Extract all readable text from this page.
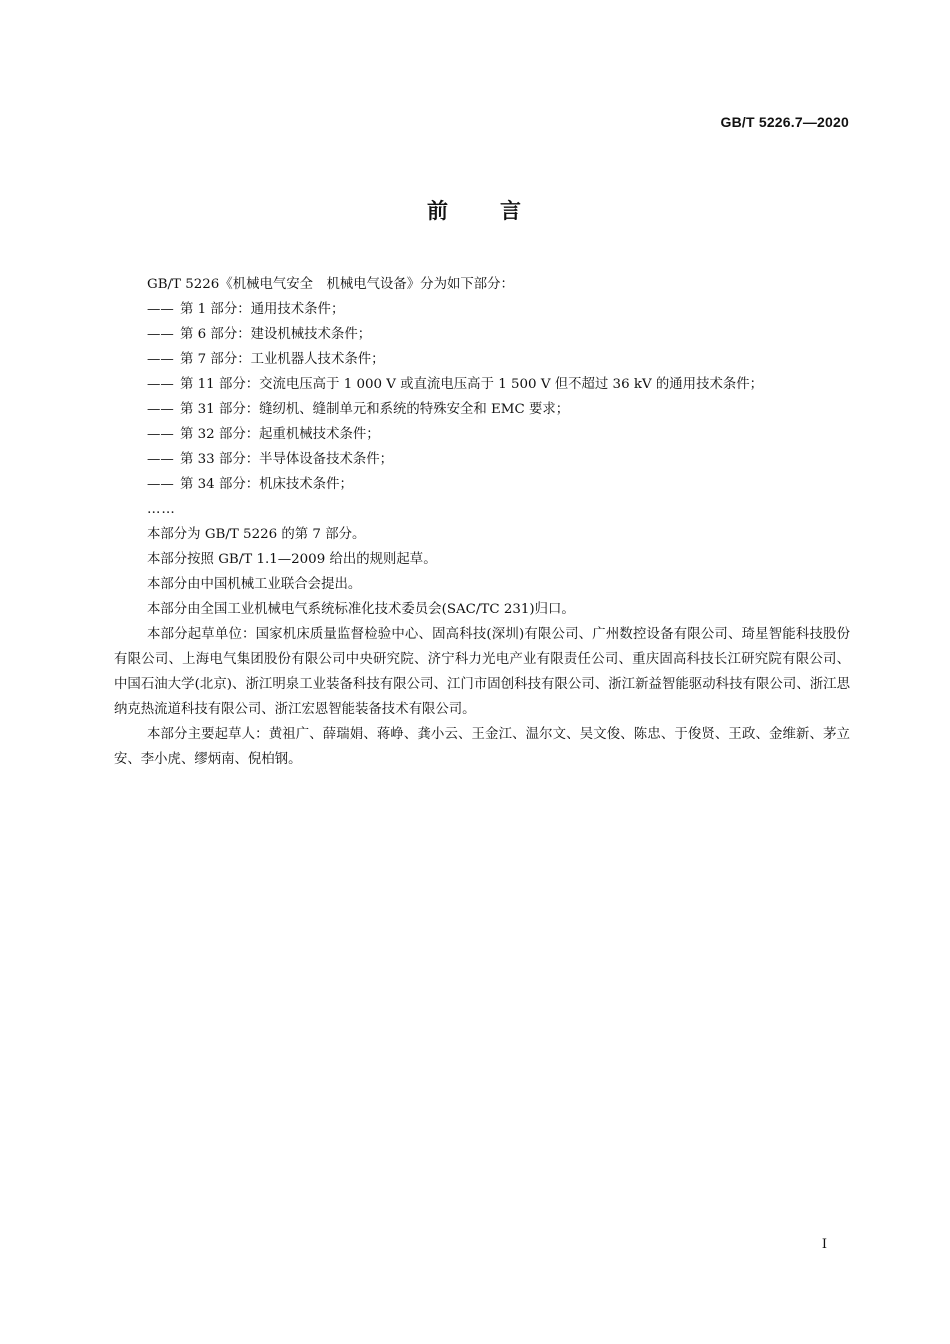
GB/T 5226.7—2020
前 言

GB/T 5226《机械电气安全　机械电气设备》分为如下部分：

—— 第 1 部分：通用技术条件；

—— 第 6 部分：建设机械技术条件；

—— 第 7 部分：工业机器人技术条件；

—— 第 11 部分：交流电压高于 1 000 V 或直流电压高于 1 500 V 但不超过 36 kV 的通用技术条件；

—— 第 31 部分：缝纫机、缝制单元和系统的特殊安全和 EMC 要求；

—— 第 32 部分：起重机械技术条件；

—— 第 33 部分：半导体设备技术条件；

—— 第 34 部分：机床技术条件；

……

本部分为 GB/T 5226 的第 7 部分。

本部分按照 GB/T 1.1—2009 给出的规则起草。

本部分由中国机械工业联合会提出。

本部分由全国工业机械电气系统标准化技术委员会(SAC/TC 231)归口。

本部分起草单位：国家机床质量监督检验中心、固高科技(深圳)有限公司、广州数控设备有限公司、琦星智能科技股份有限公司、上海电气集团股份有限公司中央研究院、济宁科力光电产业有限责任公司、重庆固高科技长江研究院有限公司、中国石油大学(北京)、浙江明泉工业装备科技有限公司、江门市固创科技有限公司、浙江新益智能驱动科技有限公司、浙江思纳克热流道科技有限公司、浙江宏恩智能装备技术有限公司。

本部分主要起草人：黄祖广、薛瑞娟、蒋峥、龚小云、王金江、温尔文、吴文俊、陈忠、于俊贤、王政、金维新、茅立安、李小虎、缪炳南、倪柏钢。

I
